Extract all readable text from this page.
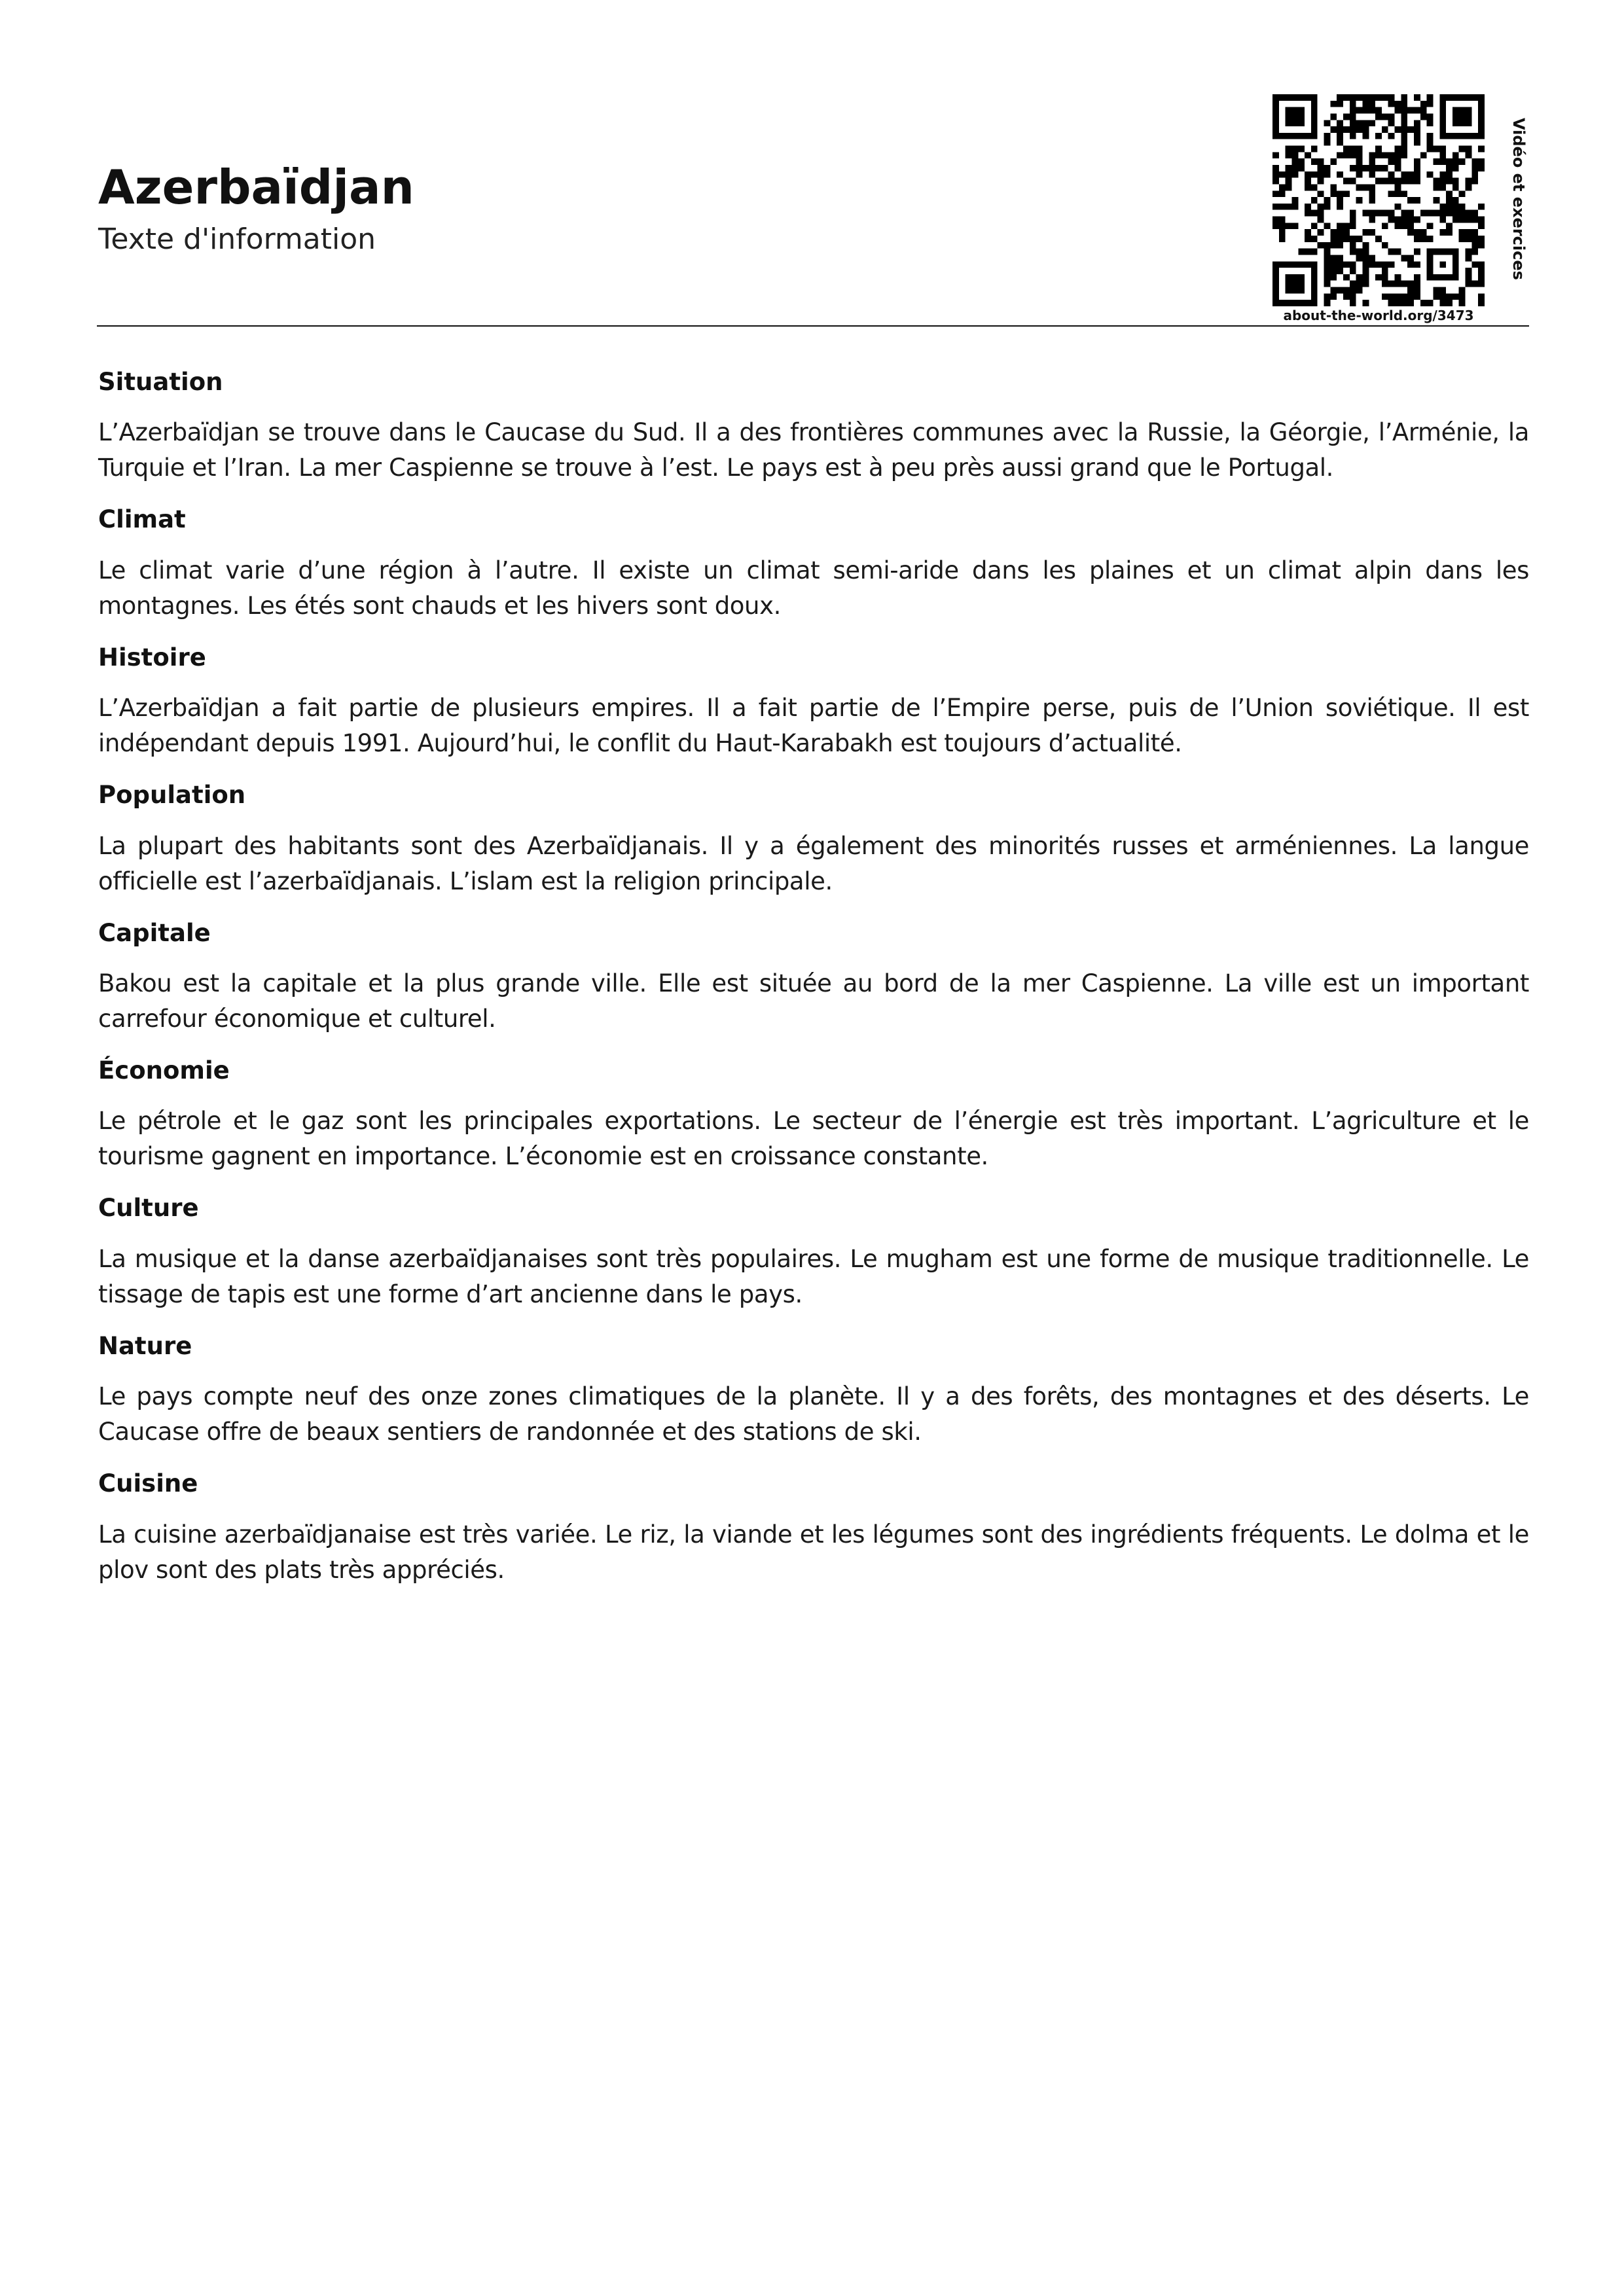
Azerbaïdjan
Texte d'information
about-the-world.org/3473
Vidéo et exercices
Situation

L’Azerbaïdjan se trouve dans le Caucase du Sud. Il a des frontières communes avec la Russie, la Géorgie, l’Arménie, la Turquie et l’Iran. La mer Caspienne se trouve à l’est. Le pays est à peu près aussi grand que le Portugal.

Climat

Le climat varie d’une région à l’autre. Il existe un climat semi-aride dans les plaines et un climat alpin dans les montagnes. Les étés sont chauds et les hivers sont doux.

Histoire

L’Azerbaïdjan a fait partie de plusieurs empires. Il a fait partie de l’Empire perse, puis de l’Union soviétique. Il est indépendant depuis 1991. Aujourd’hui, le conflit du Haut-Karabakh est toujours d’actualité.

Population

La plupart des habitants sont des Azerbaïdjanais. Il y a également des minorités russes et arméniennes. La langue officielle est l’azerbaïdjanais. L’islam est la religion principale.

Capitale

Bakou est la capitale et la plus grande ville. Elle est située au bord de la mer Caspienne. La ville est un important carrefour économique et culturel.

Économie

Le pétrole et le gaz sont les principales exportations. Le secteur de l’énergie est très important. L’agriculture et le tourisme gagnent en importance. L’économie est en croissance constante.

Culture

La musique et la danse azerbaïdjanaises sont très populaires. Le mugham est une forme de musique traditionnelle. Le tissage de tapis est une forme d’art ancienne dans le pays.

Nature

Le pays compte neuf des onze zones climatiques de la planète. Il y a des forêts, des montagnes et des déserts. Le Caucase offre de beaux sentiers de randonnée et des stations de ski.

Cuisine

La cuisine azerbaïdjanaise est très variée. Le riz, la viande et les légumes sont des ingrédients fréquents. Le dolma et le plov sont des plats très appréciés.
